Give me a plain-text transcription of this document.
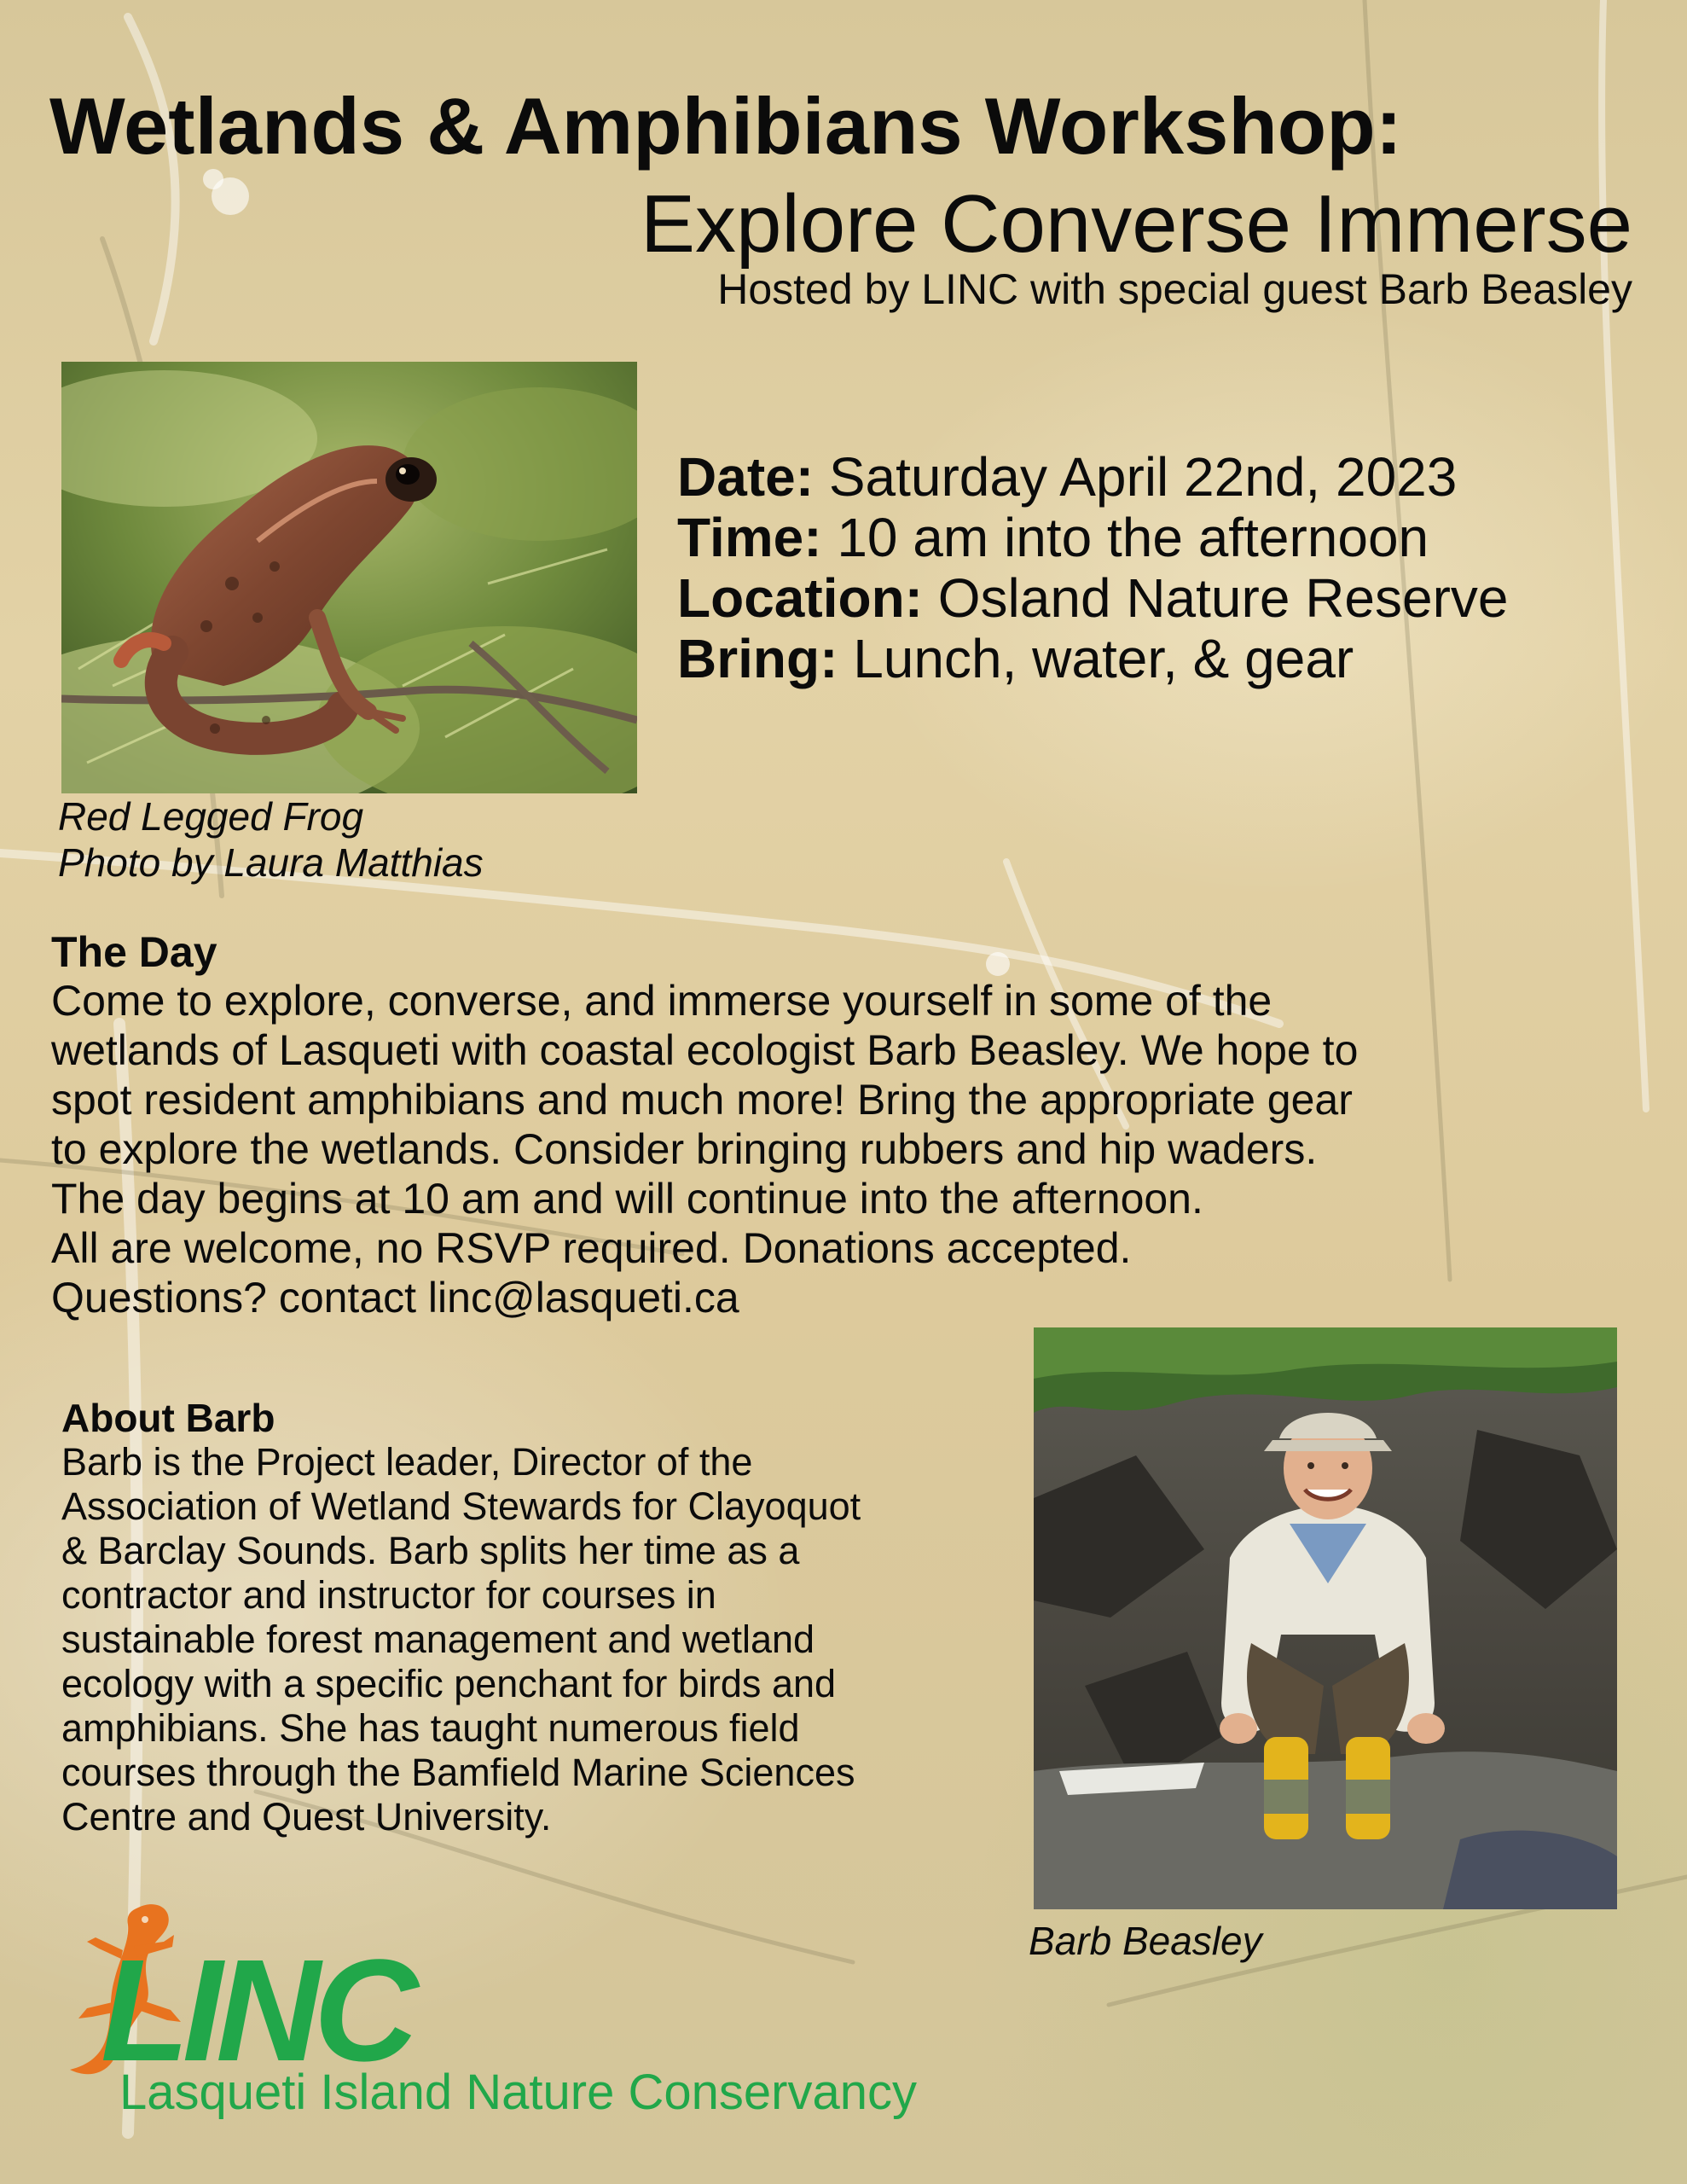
Wetlands & Amphibians Workshop:
Explore Converse Immerse
Hosted by LINC with special guest Barb Beasley
Red Legged Frog
Photo by Laura Matthias
Date: Saturday April 22nd, 2023
Time: 10 am into the afternoon
Location: Osland Nature Reserve
Bring: Lunch, water, & gear
The Day
Come to explore, converse, and immerse yourself in some of the
wetlands of Lasqueti with coastal ecologist Barb Beasley. We hope to
spot resident amphibians and much more! Bring the appropriate gear
to explore the wetlands. Consider bringing rubbers and hip waders.
The day begins at 10 am and will continue into the afternoon.
All are welcome, no RSVP required. Donations accepted.
Questions? contact linc@lasqueti.ca
About Barb
Barb is the Project leader, Director of the
Association of Wetland Stewards for Clayoquot
& Barclay Sounds. Barb splits her time as a
contractor and instructor for courses in
sustainable forest management and wetland
ecology with a specific penchant for birds and
amphibians. She has taught numerous field
courses through the Bamfield Marine Sciences
Centre and Quest University.
Barb Beasley
LINC
Lasqueti Island Nature Conservancy
